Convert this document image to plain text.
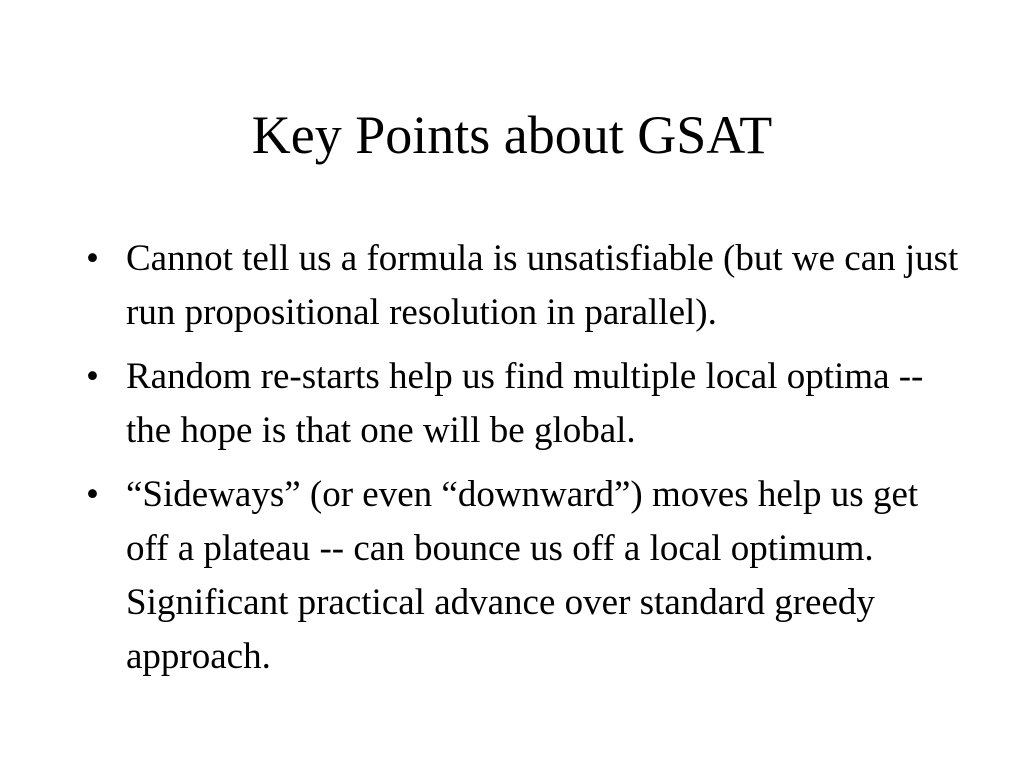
Key Points about GSAT
• Cannot tell us a formula is unsatisfiable (but we can just run propositional resolution in parallel).
• Random re-starts help us find multiple local optima -- the hope is that one will be global.
• “Sideways” (or even “downward”) moves help us get off a plateau -- can bounce us off a local optimum.  Significant practical advance over standard greedy approach.
